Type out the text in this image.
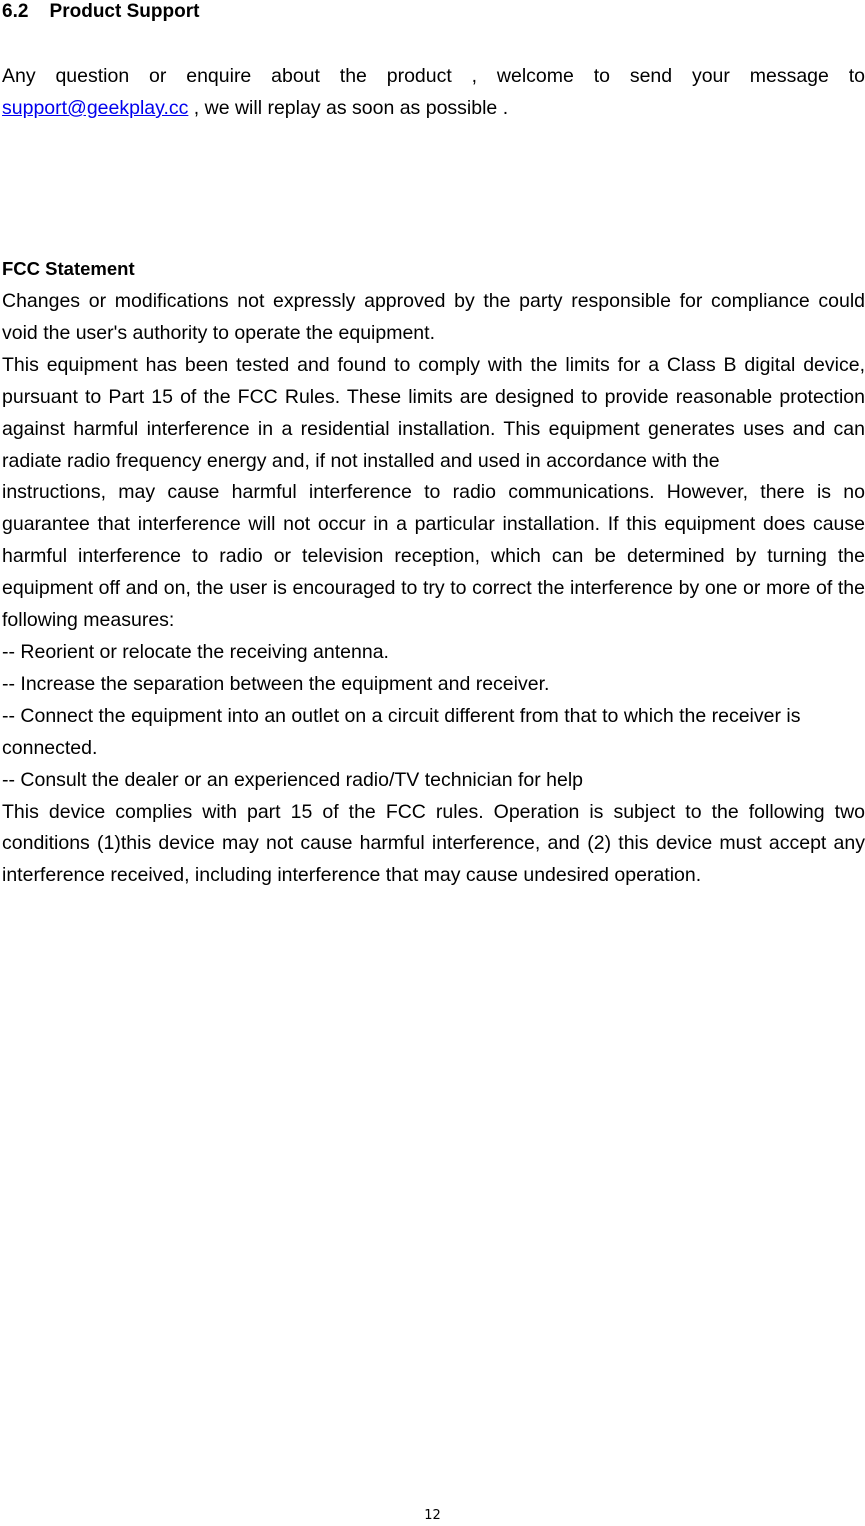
6.2 Product Support
Any question or enquire about the product , welcome to send your message to
support@geekplay.cc , we will replay as soon as possible .
FCC Statement

Changes or modifications not expressly approved by the party responsible for compliance could void the user's authority to operate the equipment.

This equipment has been tested and found to comply with the limits for a Class B digital device, pursuant to Part 15 of the FCC Rules. These limits are designed to provide reasonable protection against harmful interference in a residential installation. This equipment generates uses and can radiate radio frequency energy and, if not installed and used in accordance with the

instructions, may cause harmful interference to radio communications. However, there is no guarantee that interference will not occur in a particular installation. If this equipment does cause harmful interference to radio or television reception, which can be determined by turning the equipment off and on, the user is encouraged to try to correct the interference by one or more of the following measures:

-- Reorient or relocate the receiving antenna.

-- Increase the separation between the equipment and receiver.

-- Connect the equipment into an outlet on a circuit different from that to which the receiver is connected.

-- Consult the dealer or an experienced radio/TV technician for help

This device complies with part 15 of the FCC rules. Operation is subject to the following two conditions (1)this device may not cause harmful interference, and (2) this device must accept any interference received, including interference that may cause undesired operation.

12
